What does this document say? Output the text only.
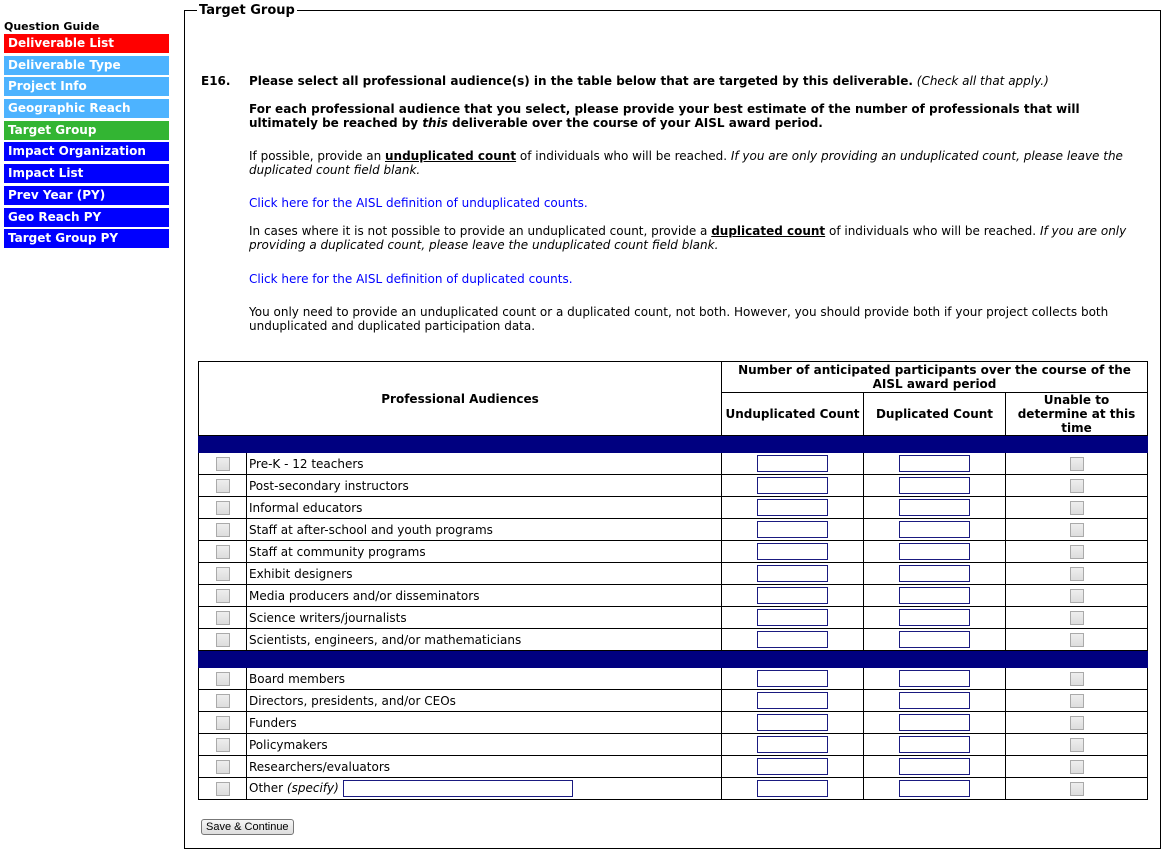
Question Guide
Deliverable List
Deliverable Type
Project Info
Geographic Reach
Target Group
Impact Organization
Impact List
Prev Year (PY)
Geo Reach PY
Target Group PY
Target Group
E16. Please select all professional audience(s) in the table below that are targeted by this deliverable. (Check all that apply.)
For each professional audience that you select, please provide your best estimate of the number of professionals that will ultimately be reached by this deliverable over the course of your AISL award period.
If possible, provide an unduplicated count of individuals who will be reached. If you are only providing an unduplicated count, please leave the duplicated count field blank.
Click here for the AISL definition of unduplicated counts.
In cases where it is not possible to provide an unduplicated count, provide a duplicated count of individuals who will be reached. If you are only providing a duplicated count, please leave the unduplicated count field blank.
Click here for the AISL definition of duplicated counts.
You only need to provide an unduplicated count or a duplicated count, not both. However, you should provide both if your project collects both unduplicated and duplicated participation data.
Professional Audiences		Number of anticipated participants over the course of the AISL award period		
		Unduplicated Count	Duplicated Count	Unable to determine at this time

	Pre-K - 12 teachers			
	Post-secondary instructors			
	Informal educators			
	Staff at after-school and youth programs			
	Staff at community programs			
	Exhibit designers			
	Media producers and/or disseminators			
	Science writers/journalists			
	Scientists, engineers, and/or mathematicians			

	Board members			
	Directors, presidents, and/or CEOs			
	Funders			
	Policymakers			
	Researchers/evaluators			
	Other (specify)			
Save & Continue
